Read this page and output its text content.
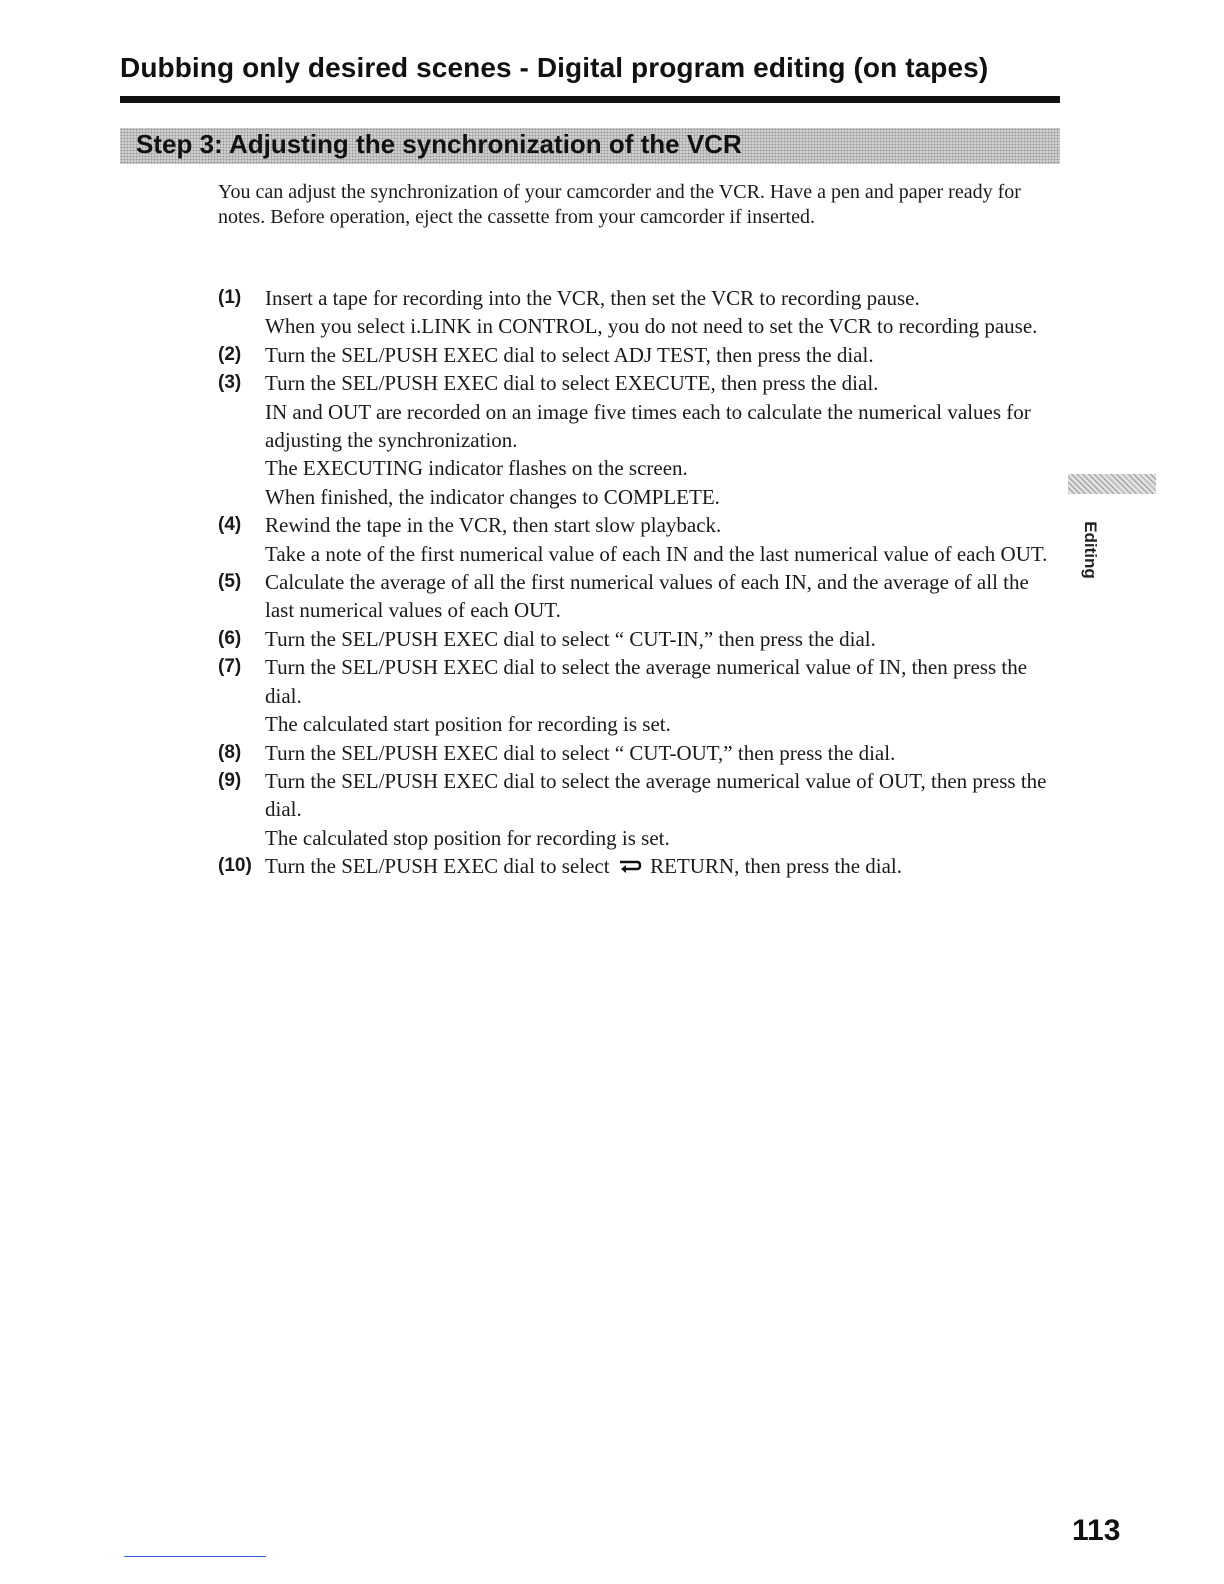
Dubbing only desired scenes - Digital program editing (on tapes)
Step 3: Adjusting the synchronization of the VCR

You can adjust the synchronization of your camcorder and the VCR. Have a pen and paper ready for notes. Before operation, eject the cassette from your camcorder if inserted.

(1) Insert a tape for recording into the VCR, then set the VCR to recording pause.
When you select i.LINK in CONTROL, you do not need to set the VCR to recording pause.
(2) Turn the SEL/PUSH EXEC dial to select ADJ TEST, then press the dial.
(3) Turn the SEL/PUSH EXEC dial to select EXECUTE, then press the dial.
IN and OUT are recorded on an image five times each to calculate the numerical values for adjusting the synchronization.
The EXECUTING indicator flashes on the screen.
When finished, the indicator changes to COMPLETE.
(4) Rewind the tape in the VCR, then start slow playback.
Take a note of the first numerical value of each IN and the last numerical value of each OUT.
(5) Calculate the average of all the first numerical values of each IN, and the average of all the last numerical values of each OUT.
(6) Turn the SEL/PUSH EXEC dial to select “ CUT-IN,” then press the dial.
(7) Turn the SEL/PUSH EXEC dial to select the average numerical value of IN, then press the dial.
The calculated start position for recording is set.
(8) Turn the SEL/PUSH EXEC dial to select “ CUT-OUT,” then press the dial.
(9) Turn the SEL/PUSH EXEC dial to select the average numerical value of OUT, then press the dial.
The calculated stop position for recording is set.
(10) Turn the SEL/PUSH EXEC dial to select RETURN, then press the dial.
Editing
113
